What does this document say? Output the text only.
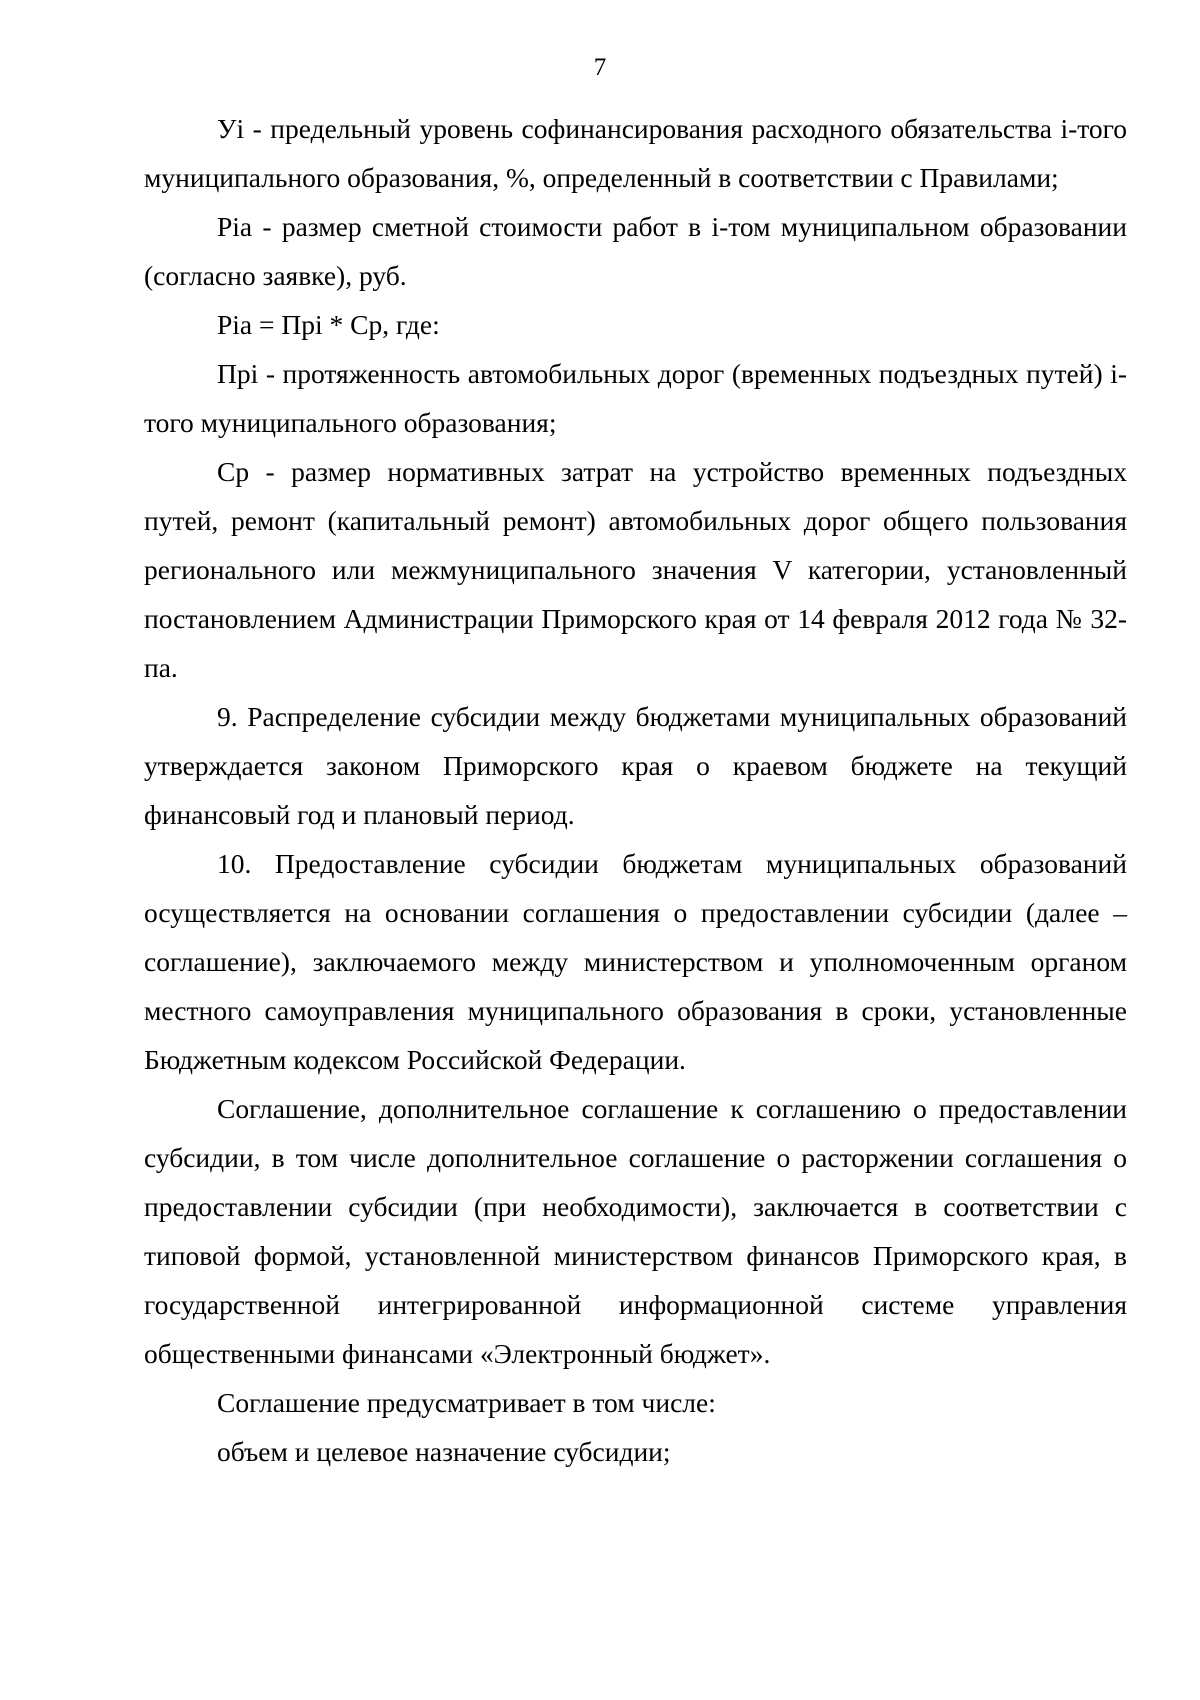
7

Уi - предельный уровень софинансирования расходного обязательства i-того муниципального образования, %, определенный в соответствии с Правилами;

Piа - размер сметной стоимости работ в i-том муниципальном образовании (согласно заявке), руб.

Piа = Пpi * Cp, где:

Пpi - протяженность автомобильных дорог (временных подъездных путей) i-того муниципального образования;

Cp - размер нормативных затрат на устройство временных подъездных путей, ремонт (капитальный ремонт) автомобильных дорог общего пользования регионального или межмуниципального значения V категории, установленный постановлением Администрации Приморского края от 14 февраля 2012 года № 32-па.

9. Распределение субсидии между бюджетами муниципальных образований утверждается законом Приморского края о краевом бюджете на текущий финансовый год и плановый период.

10. Предоставление субсидии бюджетам муниципальных образований осуществляется на основании соглашения о предоставлении субсидии (далее – соглашение), заключаемого между министерством и уполномоченным органом местного самоуправления муниципального образования в сроки, установленные Бюджетным кодексом Российской Федерации.

Соглашение, дополнительное соглашение к соглашению о предоставлении субсидии, в том числе дополнительное соглашение о расторжении соглашения о предоставлении субсидии (при необходимости), заключается в соответствии с типовой формой, установленной министерством финансов Приморского края, в государственной интегрированной информационной системе управления общественными финансами «Электронный бюджет».

Соглашение предусматривает в том числе:

объем и целевое назначение субсидии;
